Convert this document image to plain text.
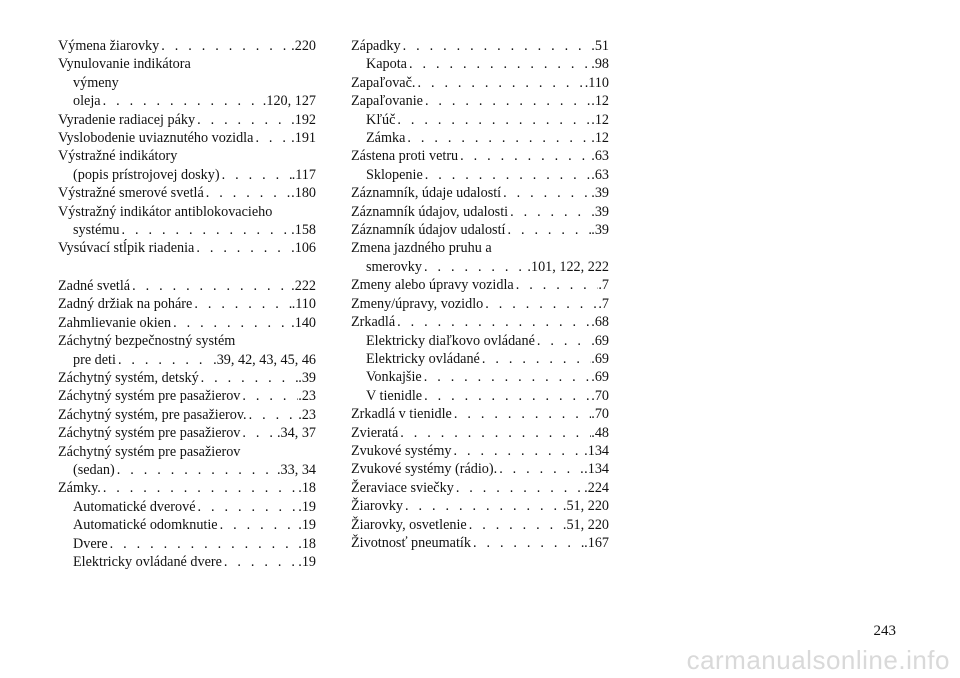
Výmena žiarovky . . .	.220
Vynulovanie indikátora
výmeny
oleja . . .	.120, 127
Vyradenie radiacej páky . . .	.192
Vyslobodenie uviaznutého vozidla . . .	.191
Výstražné indikátory
(popis prístrojovej dosky) . . .	.117
Výstražné smerové svetlá . . .	.180
Výstražný indikátor antiblokovacieho
systému . . .	.158
Vysúvací stĺpik riadenia . . .	.106
Zadné svetlá . . .	.222
Zadný držiak na poháre . . .	.110
Zahmlievanie okien . . .	.140
Záchytný bezpečnostný systém
pre deti . . .	.39, 42, 43, 45, 46
Záchytný systém, detský . . .	.39
Záchytný systém pre pasažierov . . .	.23
Záchytný systém, pre pasažierov. . . .	.23
Záchytný systém pre pasažierov . . .	.34, 37
Záchytný systém pre pasažierov
(sedan) . . .	.33, 34
Zámky. . . .	.18
Automatické dverové . . .	.19
Automatické odomknutie . . .	.19
Dvere . . .	.18
Elektricky ovládané dvere . . .	.19
Západky . . .	.51
Kapota . . .	.98
Zapaľovač. . . .	.110
Zapaľovanie . . .	.12
Kľúč . . .	.12
Zámka . . .	.12
Zástena proti vetru . . .	.63
Sklopenie . . .	.63
Záznamník, údaje udalostí . . .	.39
Záznamník údajov, udalosti . . .	.39
Záznamník údajov udalostí . . .	.39
Zmena jazdného pruhu a
smerovky . . .	.101, 122, 222
Zmeny alebo úpravy vozidla . . .	.7
Zmeny/úpravy, vozidlo . . .	.7
Zrkadlá . . .	.68
Elektricky diaľkovo ovládané . . .	.69
Elektricky ovládané . . .	.69
Vonkajšie . . .	.69
V tienidle . . .	.70
Zrkadlá v tienidle . . .	.70
Zvieratá . . .	.48
Zvukové systémy . . .	.134
Zvukové systémy (rádio). . . .	.134
Žeraviace sviečky . . .	.224
Žiarovky . . .	.51, 220
Žiarovky, osvetlenie . . .	.51, 220
Životnosť pneumatík . . .	.167
243
carmanualsonline.info
